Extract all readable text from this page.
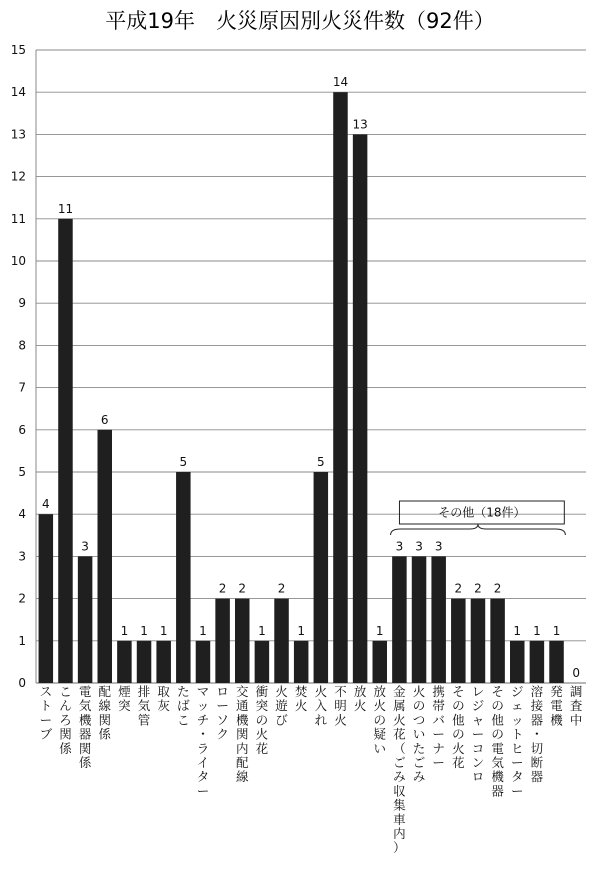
平成19年　火災原因別火災件数（92件）
0
1
2
3
4
5
6
7
8
9
10
11
12
13
14
15
4
11
3
6
1 1 1
5
1
2 2
1
2
1
5
14
13
1
3 3 3
2 2 2
1 1 1
0
ストーブ
こんろ関係
電気機器関係
配線関係
煙突
排気管
取灰
たばこ
マッチ・ライター
ローソク
交通機関内配線
衝突の火花
火遊び
焚火
火入れ
不明火
放火
放火の疑い
金属火花（ごみ収集車内）
火のついたごみ
携帯バーナー
その他の火花
レジャーコンロ
その他の電気機器
ジェットヒーター
溶接器・切断器
発電機
調査中
その他（18件）
